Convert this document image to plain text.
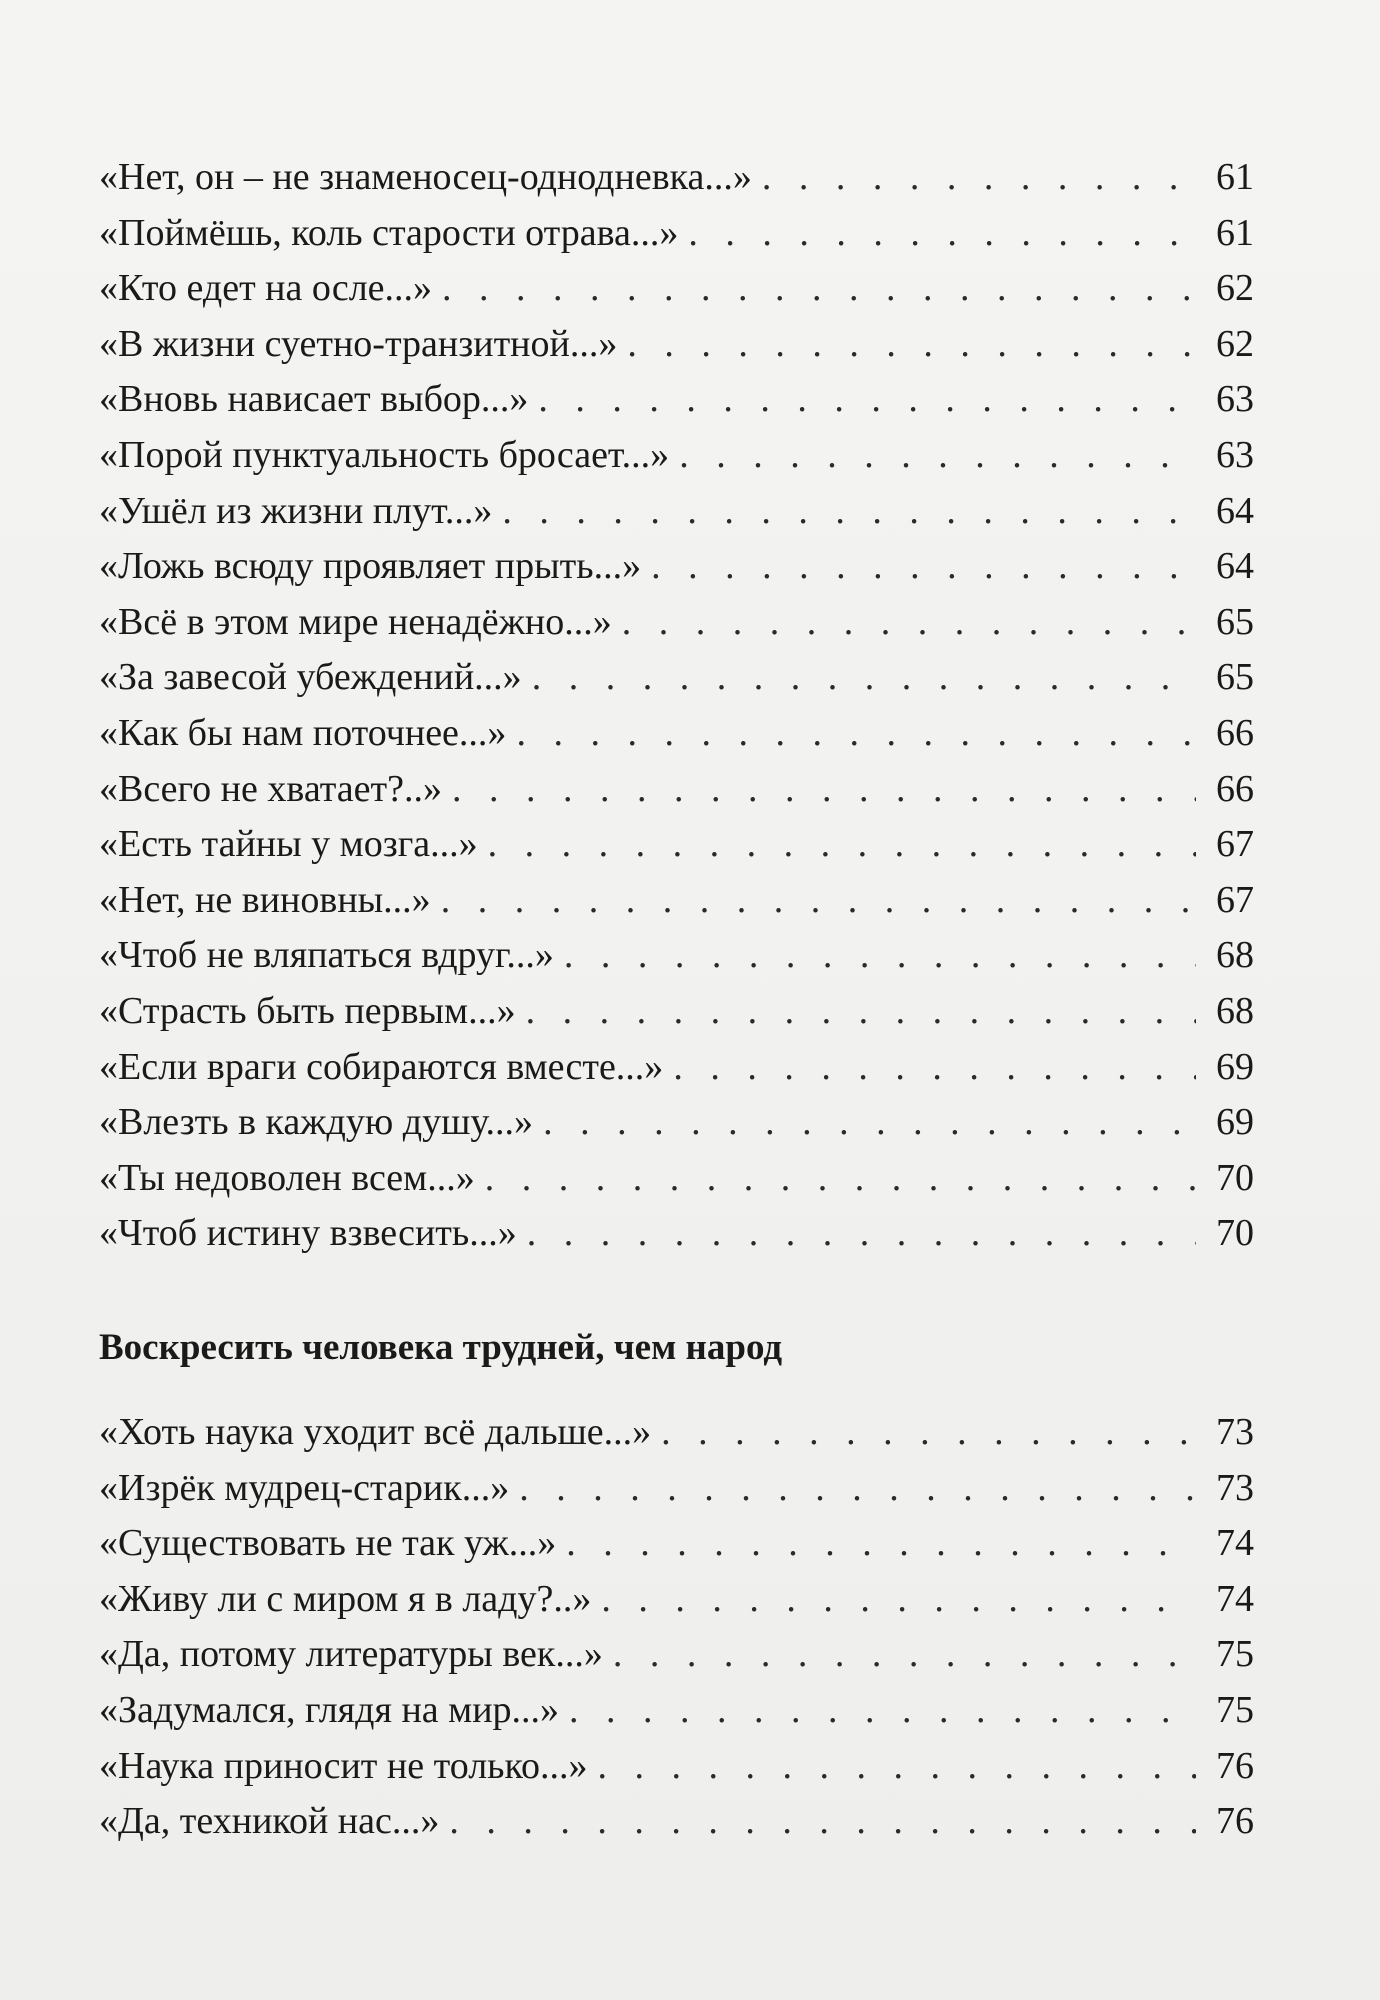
«Нет, он – не знаменосец-однодневка...» . . .	61
«Поймёшь, коль старости отрава...» . . .	61
«Кто едет на осле...» . . .	62
«В жизни суетно-транзитной...» . . .	62
«Вновь нависает выбор...» . . .	63
«Порой пунктуальность бросает...» . . .	63
«Ушёл из жизни плут...» . . .	64
«Ложь всюду проявляет прыть...» . . .	64
«Всё в этом мире ненадёжно...» . . .	65
«За завесой убеждений...» . . .	65
«Как бы нам поточнее...» . . .	66
«Всего не хватает?..» . . .	66
«Есть тайны у мозга...» . . .	67
«Нет, не виновны...» . . .	67
«Чтоб не вляпаться вдруг...» . . .	68
«Страсть быть первым...» . . .	68
«Если враги собираются вместе...» . . .	69
«Влезть в каждую душу...» . . .	69
«Ты недоволен всем...» . . .	70
«Чтоб истину взвесить...» . . .	70
Воскресить человека трудней, чем народ
«Хоть наука уходит всё дальше...» . . .	73
«Изрёк мудрец-старик...» . . .	73
«Существовать не так уж...» . . .	74
«Живу ли с миром я в ладу?..» . . .	74
«Да, потому литературы век...» . . .	75
«Задумался, глядя на мир...» . . .	75
«Наука приносит не только...» . . .	76
«Да, техникой нас...» . . .	76
